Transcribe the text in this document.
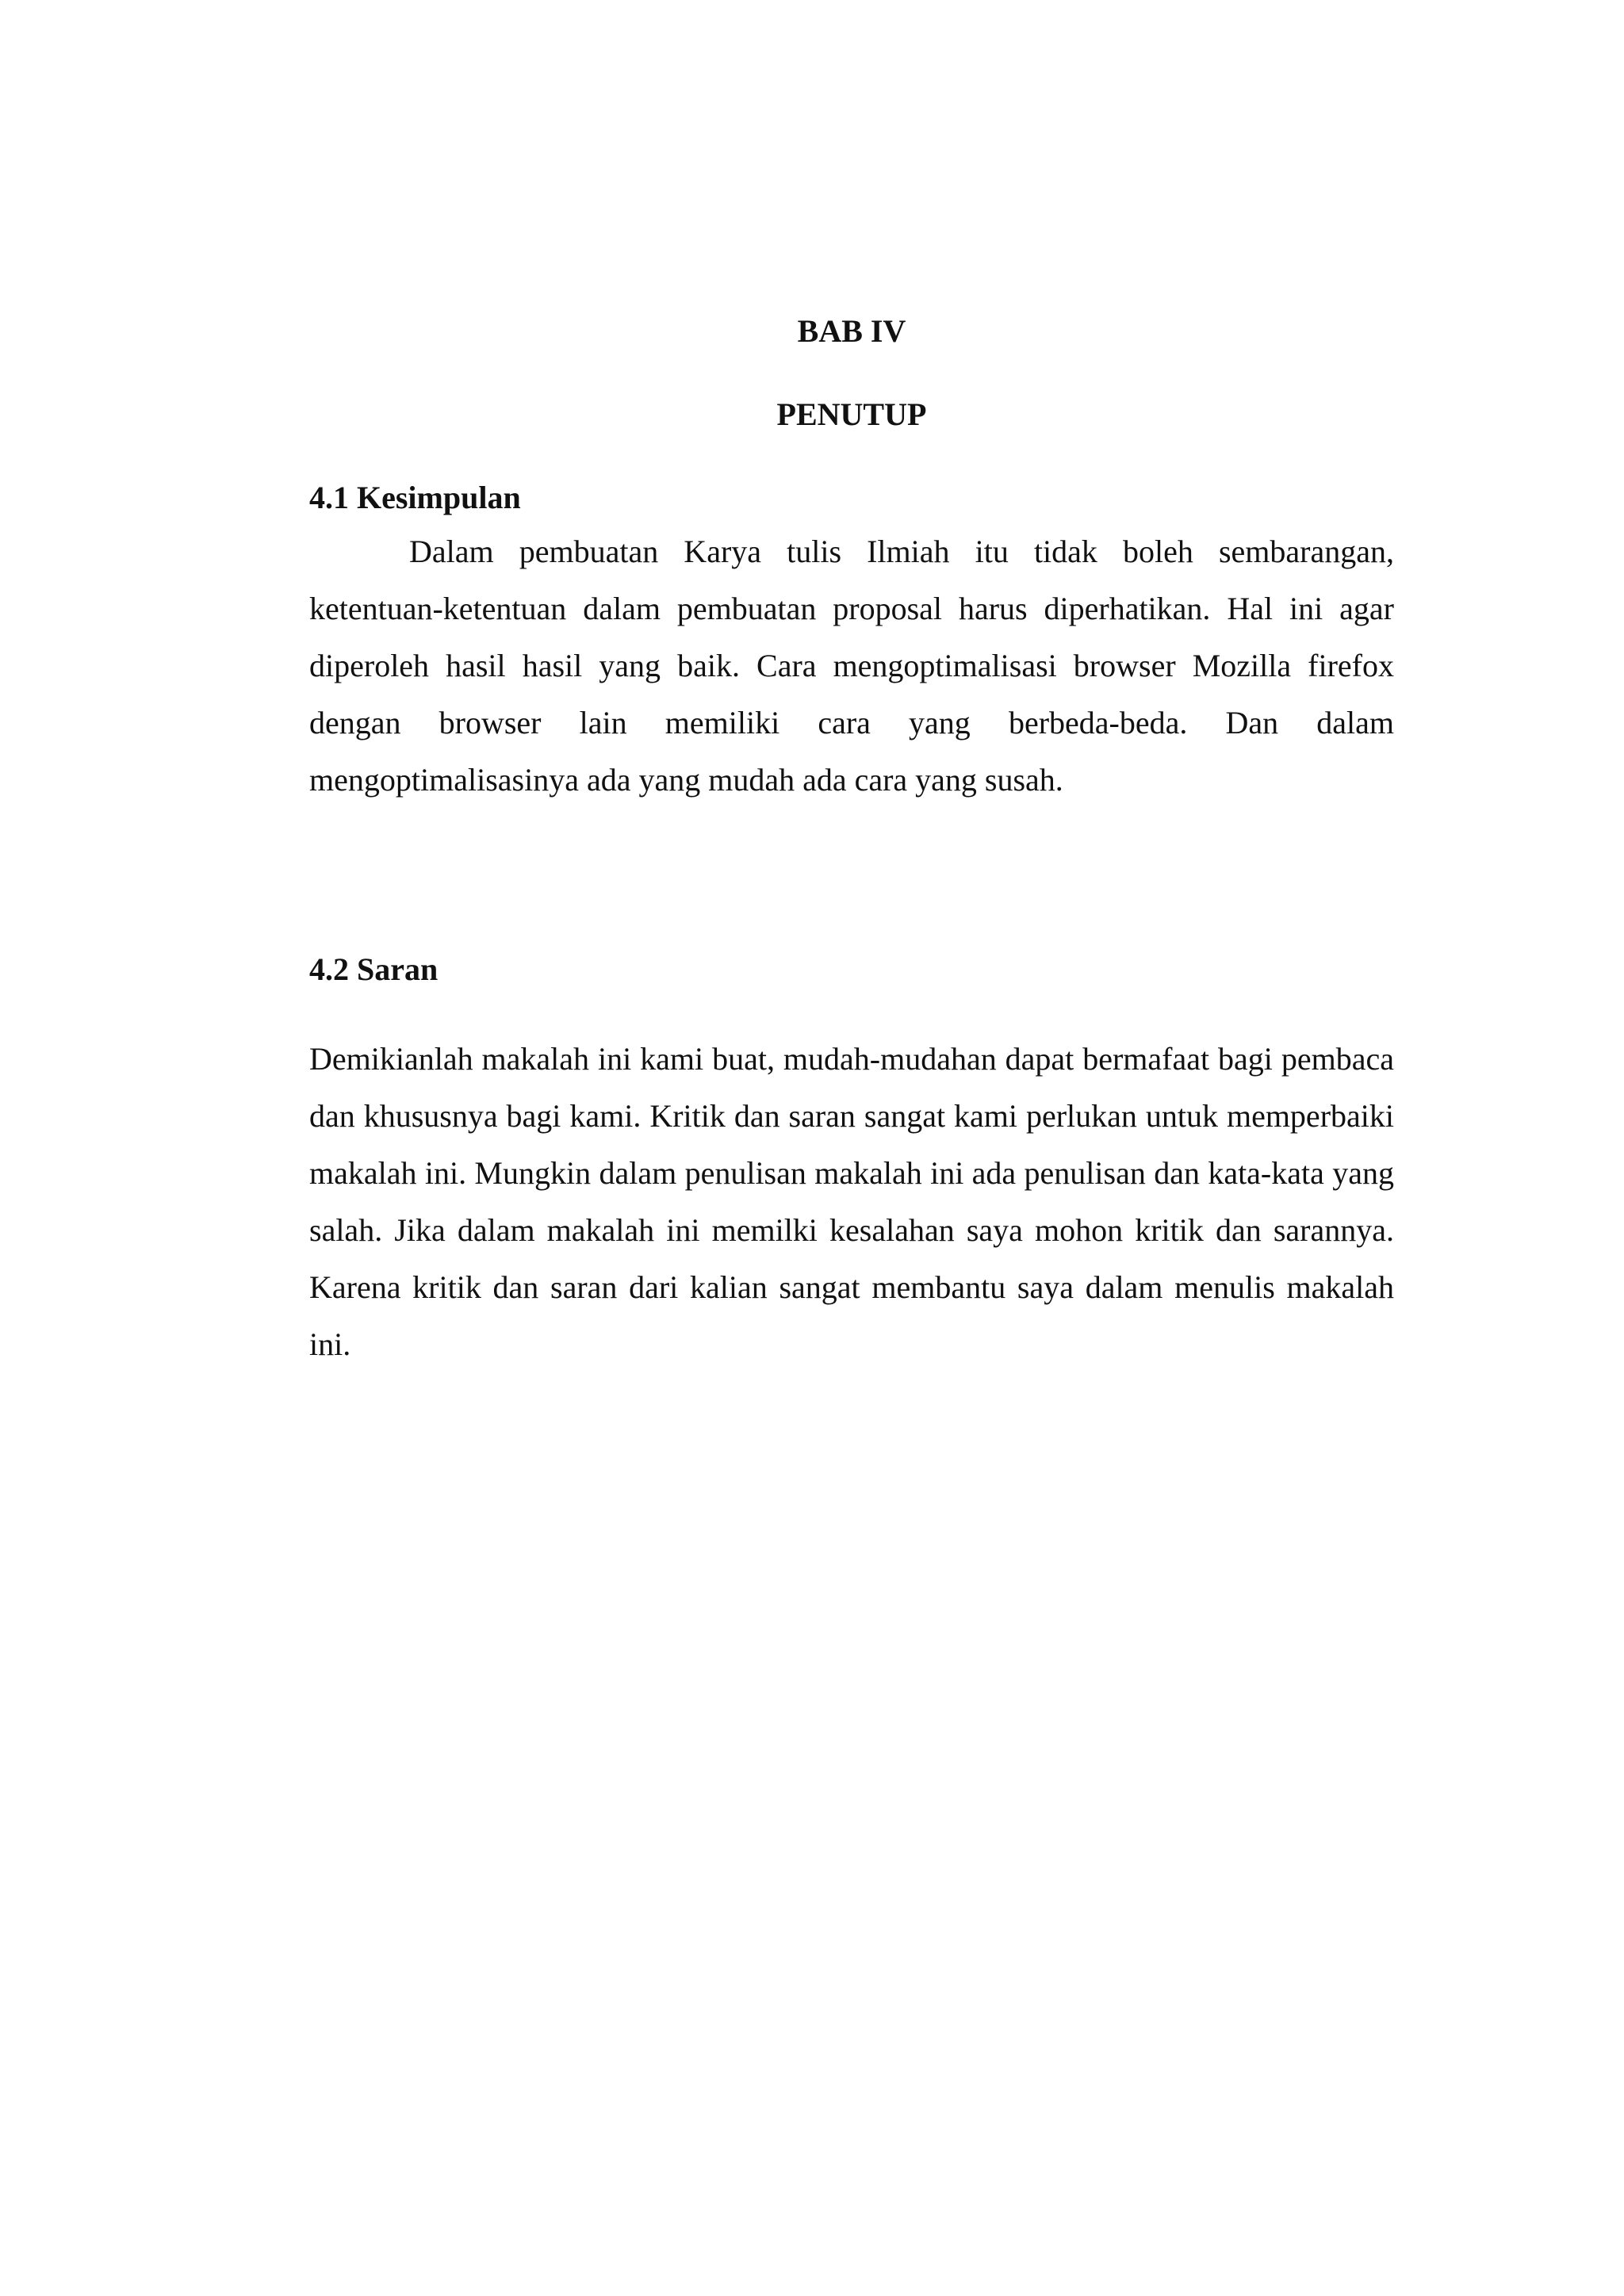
BAB IV
PENUTUP
4.1 Kesimpulan

Dalam pembuatan Karya tulis Ilmiah itu tidak boleh sembarangan, ketentuan-ketentuan dalam pembuatan proposal harus diperhatikan. Hal ini agar diperoleh hasil hasil yang baik. Cara mengoptimalisasi browser Mozilla firefox dengan browser lain memiliki cara yang berbeda-beda. Dan dalam mengoptimalisasinya ada yang mudah ada cara yang susah.

4.2 Saran

Demikianlah makalah ini kami buat, mudah-mudahan dapat bermafaat bagi pembaca dan khususnya bagi kami. Kritik dan saran sangat kami perlukan untuk memperbaiki makalah ini. Mungkin dalam penulisan makalah ini ada penulisan dan kata-kata yang salah. Jika dalam makalah ini memilki kesalahan saya mohon kritik dan sarannya. Karena kritik dan saran dari kalian sangat membantu saya dalam menulis makalah ini.
